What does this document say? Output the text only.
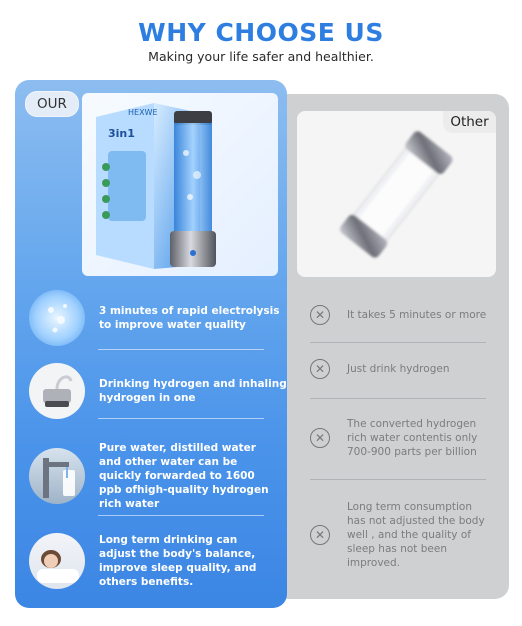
WHY CHOOSE US
Making your life safer and healthier.
Other
✕	It takes 5 minutes or more
✕	Just drink hydrogen
✕
The converted hydrogen rich water contentis only 700-900 parts per billion
✕
Long term consumption has not adjusted the body well , and the quality of sleep has not been improved.
OUR
HEXWE
3in1
3 minutes of rapid electrolysis to improve water quality
Drinking hydrogen and inhaling hydrogen in one
Pure water, distilled water and other water can be quickly forwarded to 1600 ppb ofhigh-quality hydrogen rich water
Long term drinking can adjust the body's balance, improve sleep quality, and others benefits.
